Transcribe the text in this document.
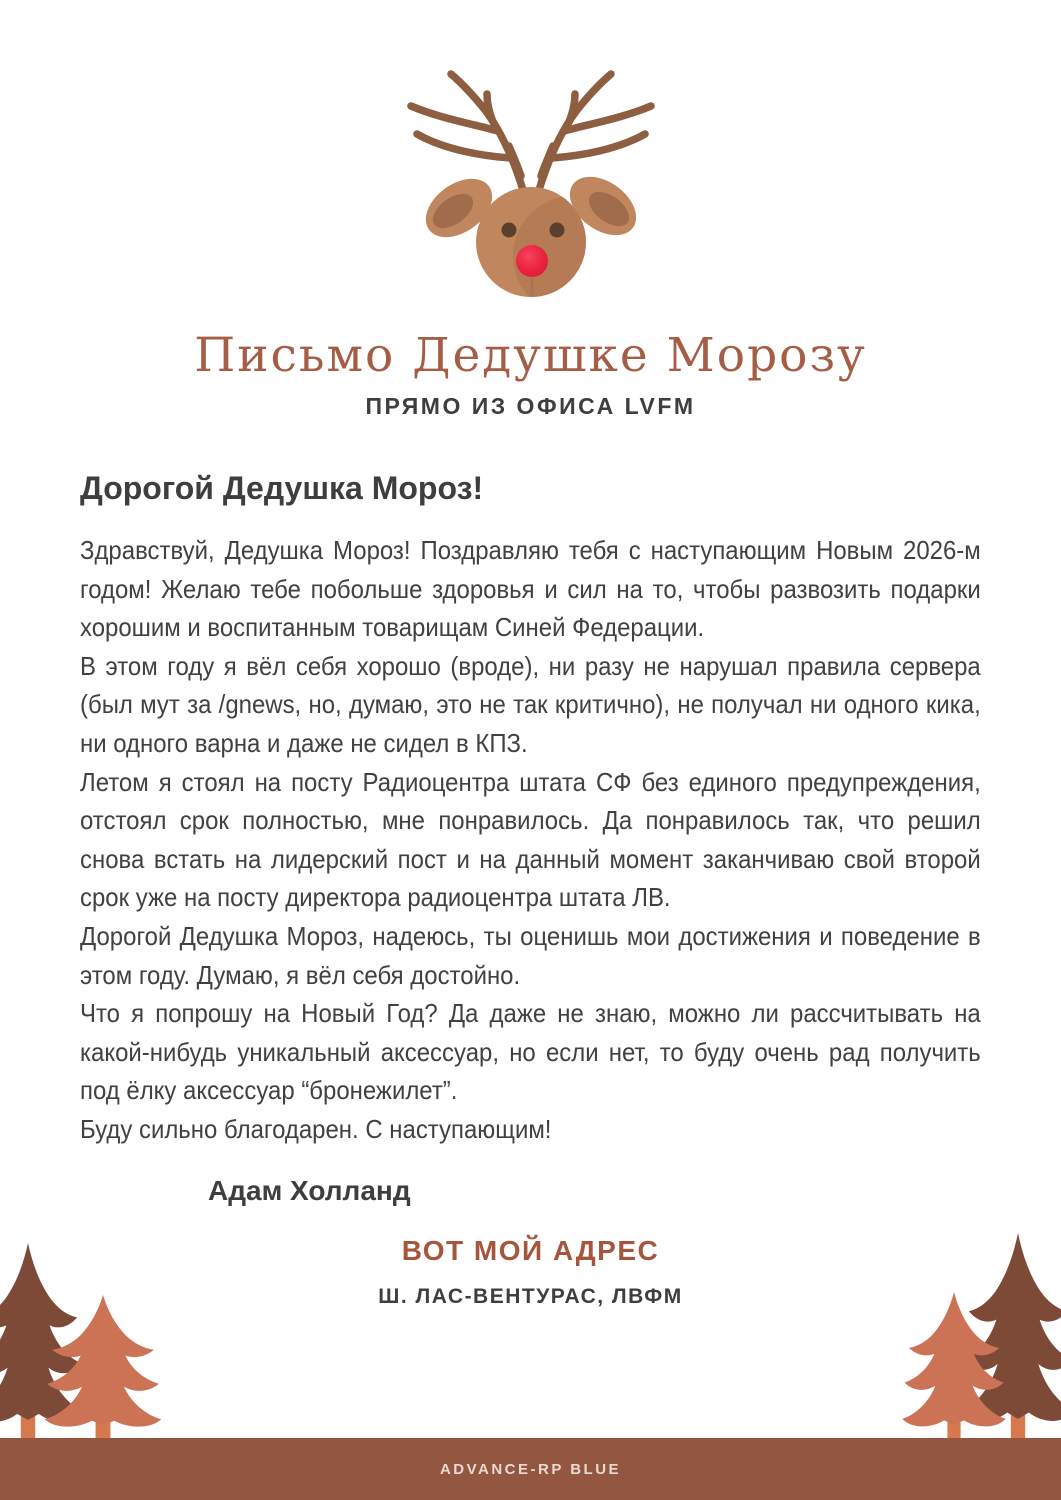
Письмо Дедушке Морозу
ПРЯМО ИЗ ОФИСА LVFM
Дорогой Дедушка Мороз!

Здравствуй, Дедушка Мороз! Поздравляю тебя с наступающим Новым 2026-м годом! Желаю тебе побольше здоровья и сил на то, чтобы развозить подарки хорошим и воспитанным товарищам Синей Федерации.

В этом году я вёл себя хорошо (вроде), ни разу не нарушал правила сервера (был мут за /gnews, но, думаю, это не так критично), не получал ни одного кика, ни одного варна и даже не сидел в КПЗ.

Летом я стоял на посту Радиоцентра штата СФ без единого предупреждения, отстоял срок полностью, мне понравилось. Да понравилось так, что решил снова встать на лидерский пост и на данный момент заканчиваю свой второй срок уже на посту директора радиоцентра штата ЛВ.

Дорогой Дедушка Мороз, надеюсь, ты оценишь мои достижения и поведение в этом году. Думаю, я вёл себя достойно.

Что я попрошу на Новый Год? Да даже не знаю, можно ли рассчитывать на какой-нибудь уникальный аксессуар, но если нет, то буду очень рад получить под ёлку аксессуар “бронежилет”.

Буду сильно благодарен. С наступающим!

Адам Холланд
ВОТ МОЙ АДРЕС
Ш. ЛАС-ВЕНТУРАС, ЛВФМ
ADVANCE-RP BLUE
